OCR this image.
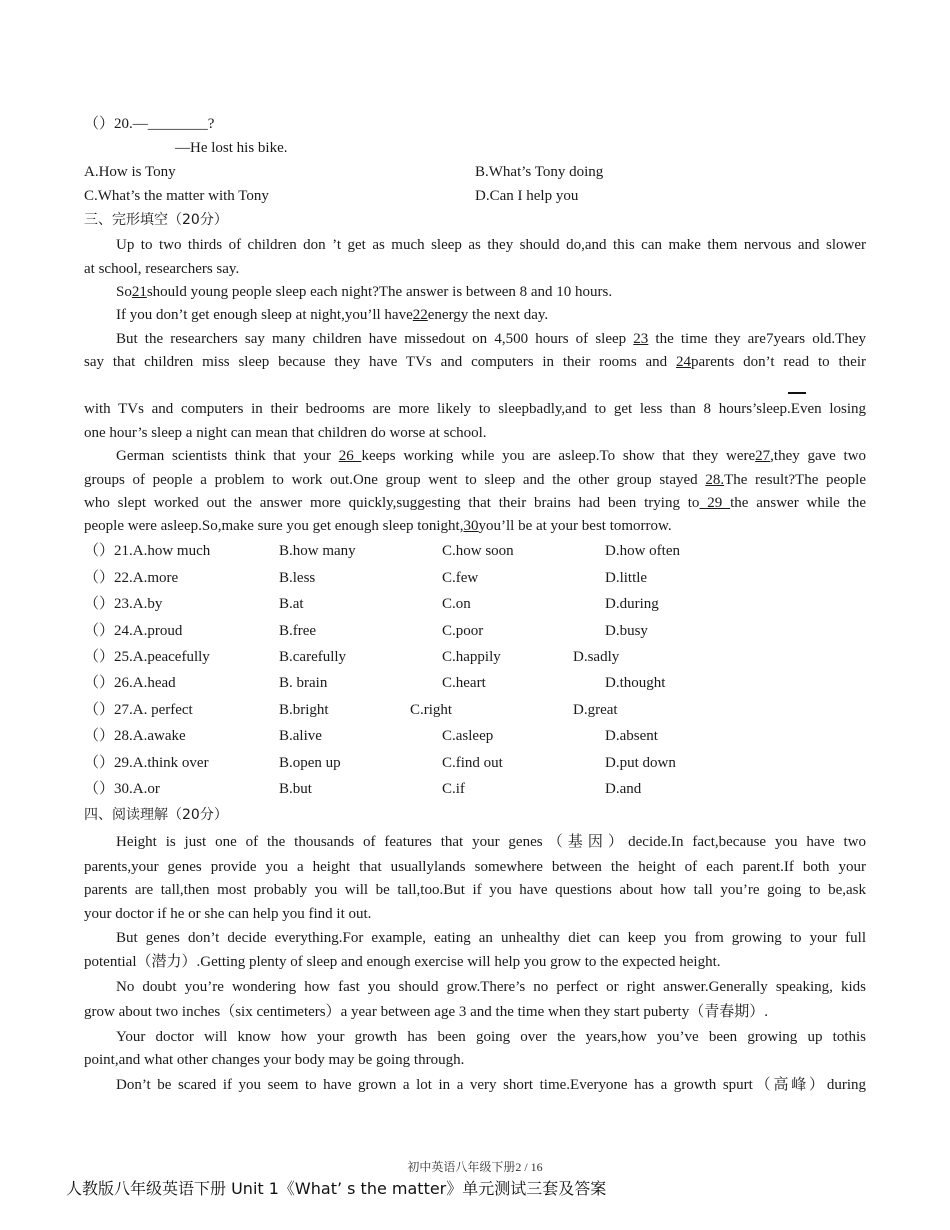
（）20.—________?
—He lost his bike.
A.How is Tony	B.What’s Tony doing
C.What’s the matter with Tony	D.Can I help you
三、完形填空（20分）
Up to two thirds of children don ’t get as much sleep as they should do,and this can make them nervous and slower
at school, researchers say.
So21should young people sleep each night?The answer is between 8 and 10 hours.
If you don’t get enough sleep at night,you’ll have22energy the next day.
But the researchers say many children have missedout on 4,500 hours of sleep 23 the time they are7years old.They
say that children miss sleep because they have TVs and computers in their rooms and 24parents don’t read to their
with TVs and computers in their bedrooms are more likely to sleepbadly,and to get less than 8 hours’sleep.Even losing
one hour’s sleep a night can mean that children do worse at school.
German scientists think that your 26 keeps working while you are asleep.To show that they were27,they gave two
groups of people a problem to work out.One group went to sleep and the other group stayed 28.The result?The people
who slept worked out the answer more quickly,suggesting that their brains had been trying to 29 the answer while the
people were asleep.So,make sure you get enough sleep tonight,30you’ll be at your best tomorrow.
（）21.A.how much	B.how many	C.how soon	D.how often
（）22.A.more	B.less	C.few	D.little
（）23.A.by	B.at	C.on	D.during
（）24.A.proud	B.free	C.poor	D.busy
（）25.A.peacefully	B.carefully	C.happily	D.sadly
（）26.A.head	B. brain	C.heart	D.thought
（）27.A. perfect	B.bright	C.right	D.great
（）28.A.awake	B.alive	C.asleep	D.absent
（）29.A.think over	B.open up	C.find out	D.put down
（）30.A.or	B.but	C.if	D.and
四、阅读理解（20分）
Height is just one of the thousands of features that your genes（基因）decide.In fact,because you have two
parents,your genes provide you a height that usuallylands somewhere between the height of each parent.If both your
parents are tall,then most probably you will be tall,too.But if you have questions about how tall you’re going to be,ask
your doctor if he or she can help you find it out.
But genes don’t decide everything.For example, eating an unhealthy diet can keep you from growing to your full
potential（潜力）.Getting plenty of sleep and enough exercise will help you grow to the expected height.
No doubt you’re wondering how fast you should grow.There’s no perfect or right answer.Generally speaking, kids
grow about two inches（six centimeters）a year between age 3 and the time when they start puberty（青春期）.
Your doctor will know how your growth has been going over the years,how you’ve been growing up tothis
point,and what other changes your body may be going through.
Don’t be scared if you seem to have grown a lot in a very short time.Everyone has a growth spurt（高峰）during
初中英语八年级下册2 / 16
人教版八年级英语下册 Unit 1《What’ s the matter》单元测试三套及答案
